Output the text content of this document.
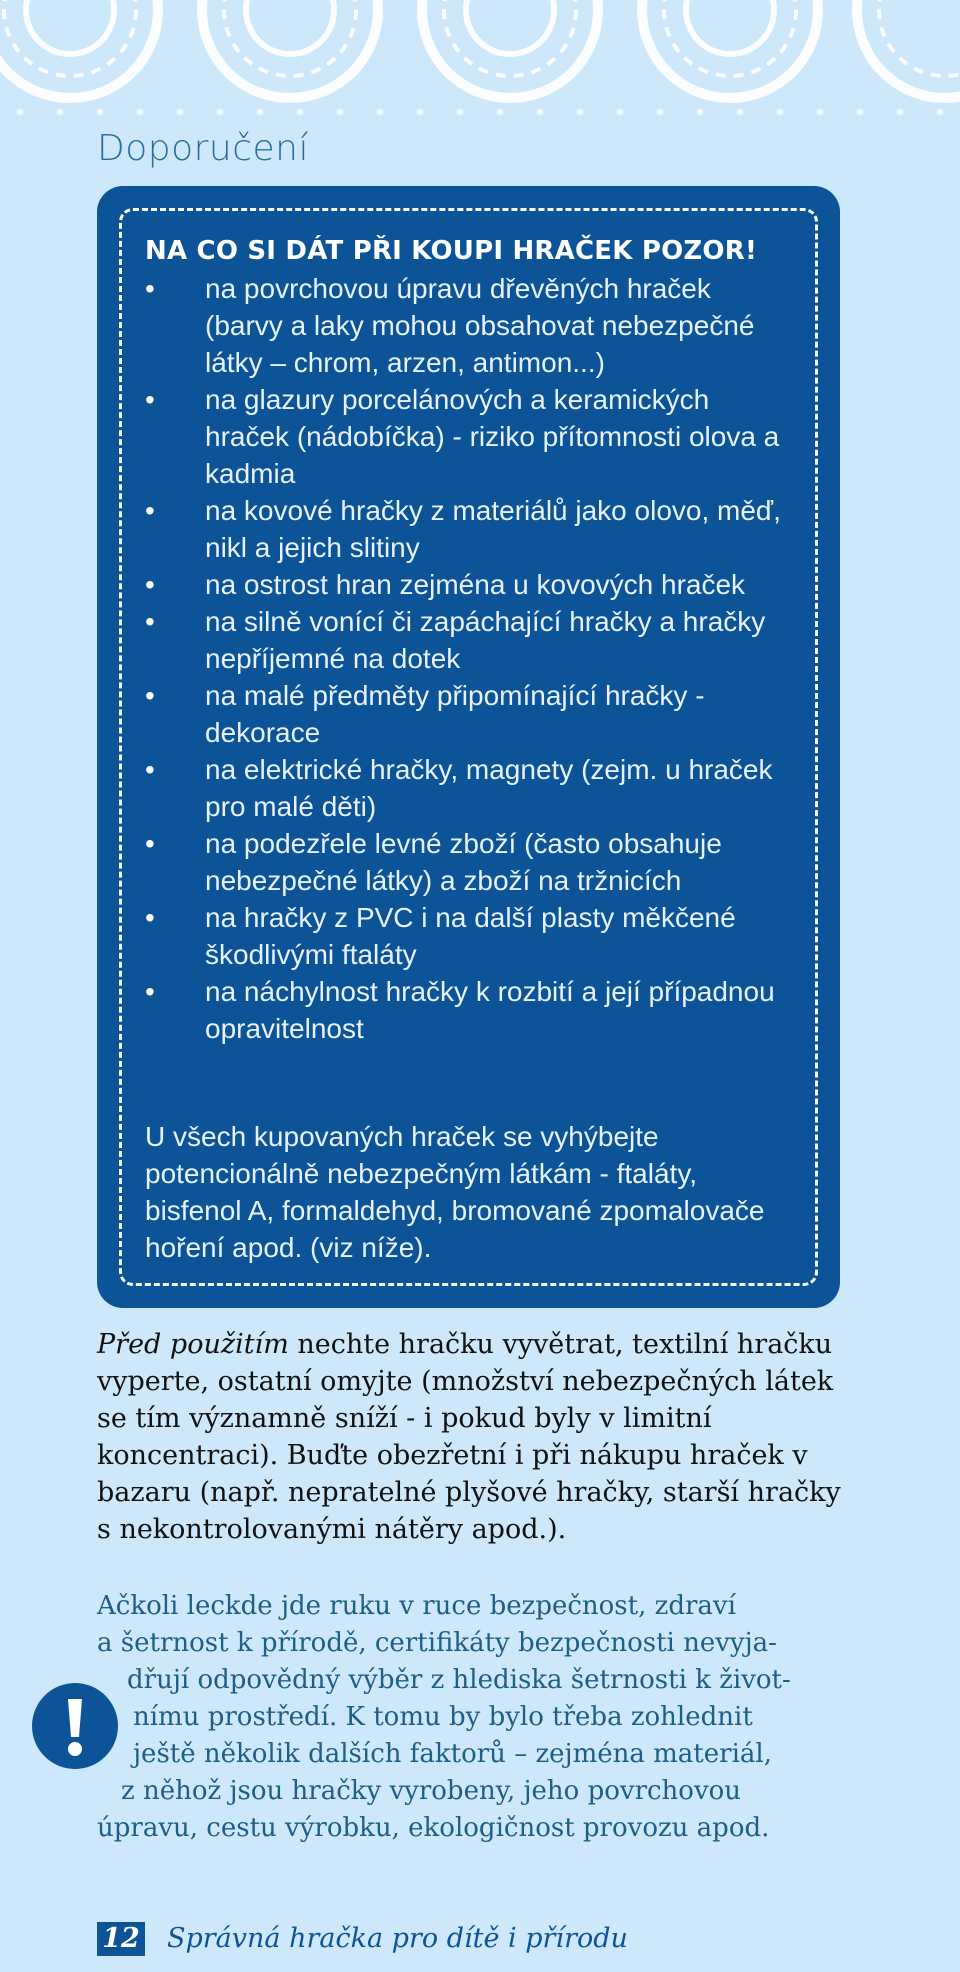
Doporučení
NA CO SI DÁT PŘI KOUPI HRAČEK POZOR!
• na povrchovou úpravu dřevěných hraček (barvy a laky mohou obsahovat nebezpečné látky – chrom, arzen, antimon...)
• na glazury porcelánových a keramických hraček (nádobíčka) - riziko přítomnosti olova a kadmia
• na kovové hračky z materiálů jako olovo, měď, nikl a jejich slitiny
• na ostrost hran zejména u kovových hraček
• na silně vonící či zapáchající hračky a hračky nepříjemné na dotek
• na malé předměty připomínající hračky - dekorace
• na elektrické hračky, magnety (zejm. u hraček pro malé děti)
• na podezřele levné zboží (často obsahuje nebezpečné látky) a zboží na tržnicích
• na hračky z PVC i na další plasty měkčené škodlivými ftaláty
• na náchylnost hračky k rozbití a její případnou opravitelnost

U všech kupovaných hraček se vyhýbejte potencionálně nebezpečným látkám - ftaláty, bisfenol A, formaldehyd, bromované zpomalovače hoření apod. (viz níže).

Před použitím nechte hračku vyvětrat, textilní hračku vyperte, ostatní omyjte (množství nebezpečných látek se tím významně sníží - i pokud byly v limitní koncentraci). Buďte obezřetní i při nákupu hraček v bazaru (např. nepratelné plyšové hračky, starší hračky s nekontrolovanými nátěry apod.).

Ačkoli leckde jde ruku v ruce bezpečnost, zdraví
a šetrnost k přírodě, certifikáty bezpečnosti nevyja-
dřují odpovědný výběr z hlediska šetrnosti k život-
nímu prostředí. K tomu by bylo třeba zohlednit
ještě několik dalších faktorů – zejména materiál,
z něhož jsou hračky vyrobeny, jeho povrchovou
úpravu, cestu výrobku, ekologičnost provozu apod.

12 Správná hračka pro dítě i přírodu
